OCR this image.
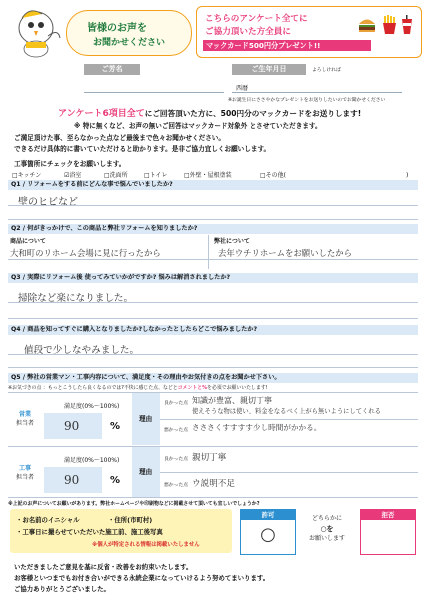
皆様のお声を
お聞かせください
こちらのアンケート全てに
ご協力頂いた方全員に
マックカード500円分プレゼント!!
ご芳名	ご生年月日	よろしければ
西暦
※お誕生日にささやかなプレゼントをお送りしたいのでお聞かせください
アンケート6項目全てにご回答頂いた方に、500円分のマックカードをお送りします!
※ 特に無くなど、お声の無いご回答はマックカード対象外 とさせていただきます。
ご満足頂けた事、至らなかった点など最後まで色々お聞かせください。
できるだけ具体的に書いていただけると助かります。是非ご協力宜しくお願いします。
工事箇所にチェックをお願いします。
□キッチン	☑浴室	□洗面所	□トイレ	□外壁・屋根塗装	□その他(	)
Q1 / リフォームをする前にどんな事で悩んでいましたか?
壁のヒビなど
Q2 / 何がきっかけで、この商品と弊社リフォームを知りましたか?
商品について
大和町のリホーム会場に見に行ったから
弊社について
去年ウチリホームをお願いしたから
Q3 / 実際にリフォーム後 使ってみていかがですか? 悩みは解消されましたか?
掃除など楽になりました。
Q4 / 商品を知ってすぐに購入となりましたか?しなかったとしたらどこで悩みましたか?
値段で少しなやみました。
Q5 / 弊社の営業マン・工事内容について、満足度・その理由やお気付きの点をお聞かせ下さい。
※お気づきの点 ：もっとこうしたら良くなるのでは?不快に感じた点、などとコメントと%を必須でお願いいたします!
営業
担当者
満足度(0%〜100%)
90	%
理由
良かった点 知識が豊富、親切丁寧
使えそうな物は使い、料金をなるべく上がら無いようにしてくれる
悪かった点 さささくすすすす少し時間がかかる。
工事
担当者
満足度(0%〜100%)
90	%
理由
良かった点 親切丁寧
悪かった点 ウ説明不足
※上記のお声についてお願いがあります。弊社ホームページや印刷物などに掲載させて頂いても宜しいでしょうか?
・お名前のイニシャル	・住所(市町村)
・工事日に撮らせていただいた施工前、施工後写真
※個人が特定される情報は掲載いたしません
許可
○
どちらかに
○を
お願いします
拒否
いただきましたご意見を基に反省・改善をお約束いたします。
お客様といつまでもお付き合いができる永続企業になっていけるよう努めてまいります。
ご協力ありがとうございました。
